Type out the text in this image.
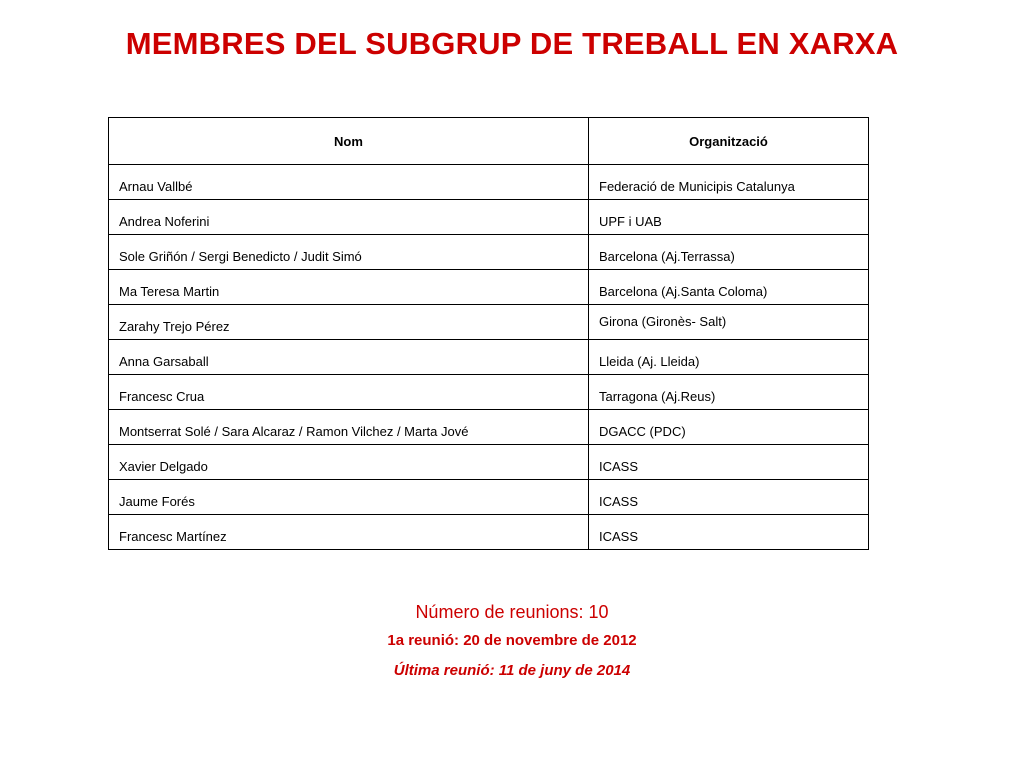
MEMBRES DEL SUBGRUP DE TREBALL EN XARXA
Nom	Organització
Arnau Vallbé	Federació de Municipis Catalunya
Andrea Noferini	UPF i UAB
Sole Griñón / Sergi Benedicto / Judit Simó	Barcelona (Aj.Terrassa)
Ma Teresa Martin	Barcelona (Aj.Santa Coloma)
Zarahy Trejo Pérez	Girona (Gironès- Salt)
Anna Garsaball	Lleida (Aj. Lleida)
Francesc Crua	Tarragona (Aj.Reus)
Montserrat Solé / Sara Alcaraz / Ramon Vilchez / Marta Jové	DGACC (PDC)
Xavier Delgado	ICASS
Jaume Forés	ICASS
Francesc Martínez	ICASS
Número de reunions: 10
1a reunió: 20 de novembre de 2012
Última reunió: 11 de juny de 2014
